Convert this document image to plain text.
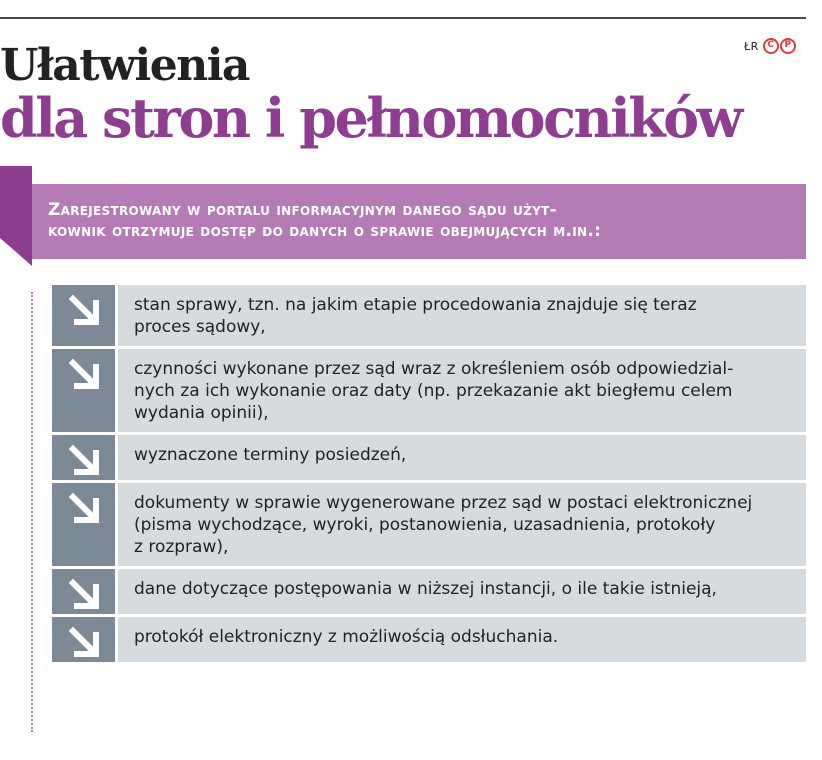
ŁR C	P
Ułatwienia
dla stron i pełnomocników

Zarejestrowany w portalu informacyjnym danego sądu użyt-
kownik otrzymuje dostęp do danych o sprawie obejmujących m.in.:

stan sprawy, tzn. na jakim etapie procedowania znajduje się teraz
proces sądowy,
czynności wykonane przez sąd wraz z określeniem osób odpowiedzial-
nych za ich wykonanie oraz daty (np. przekazanie akt biegłemu celem
wydania opinii),
wyznaczone terminy posiedzeń,
dokumenty w sprawie wygenerowane przez sąd w postaci elektronicznej
(pisma wychodzące, wyroki, postanowienia, uzasadnienia, protokoły
z rozpraw),
dane dotyczące postępowania w niższej instancji, o ile takie istnieją,
protokół elektroniczny z możliwością odsłuchania.
